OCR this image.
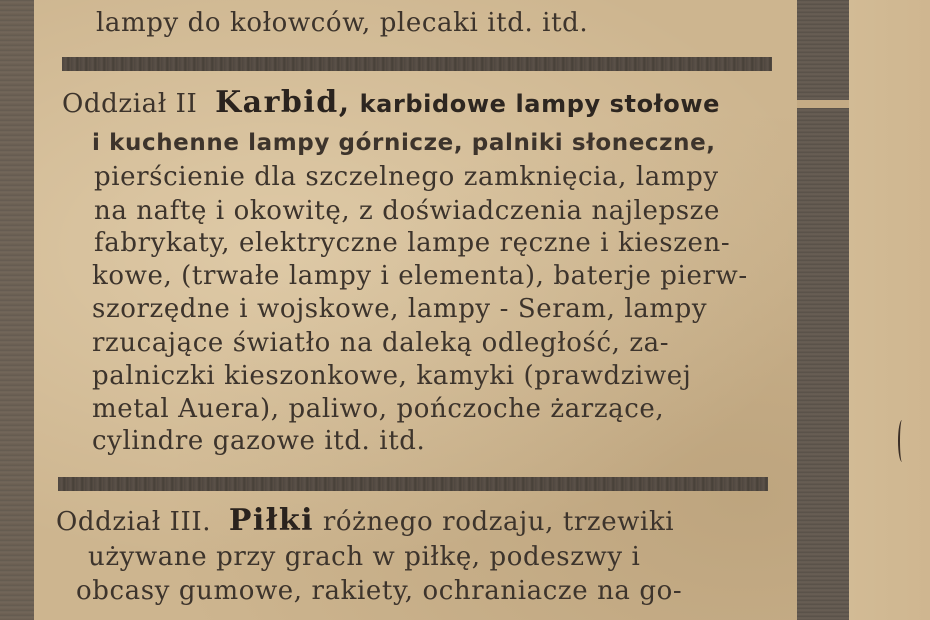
lampy do kołowców, plecaki itd. itd.
Oddział II Karbid, karbidowe lampy stołowe
i kuchenne lampy górnicze, palniki słoneczne,
pierścienie dla szczelnego zamknięcia, lampy
na naftę i okowitę, z doświadczenia najlepsze
fabrykaty, elektryczne lampe ręczne i kieszen-
kowe, (trwałe lampy i elementa), baterje pierw-
szorzędne i wojskowe, lampy - Seram, lampy
rzucające światło na daleką odległość, za-
palniczki kieszonkowe, kamyki (prawdziwej
metal Auera), paliwo, pończoche żarzące,
cylindre gazowe itd. itd.
Oddział III. Piłki różnego rodzaju, trzewiki
używane przy grach w piłkę, podeszwy i
obcasy gumowe, rakiety, ochraniacze na go-
